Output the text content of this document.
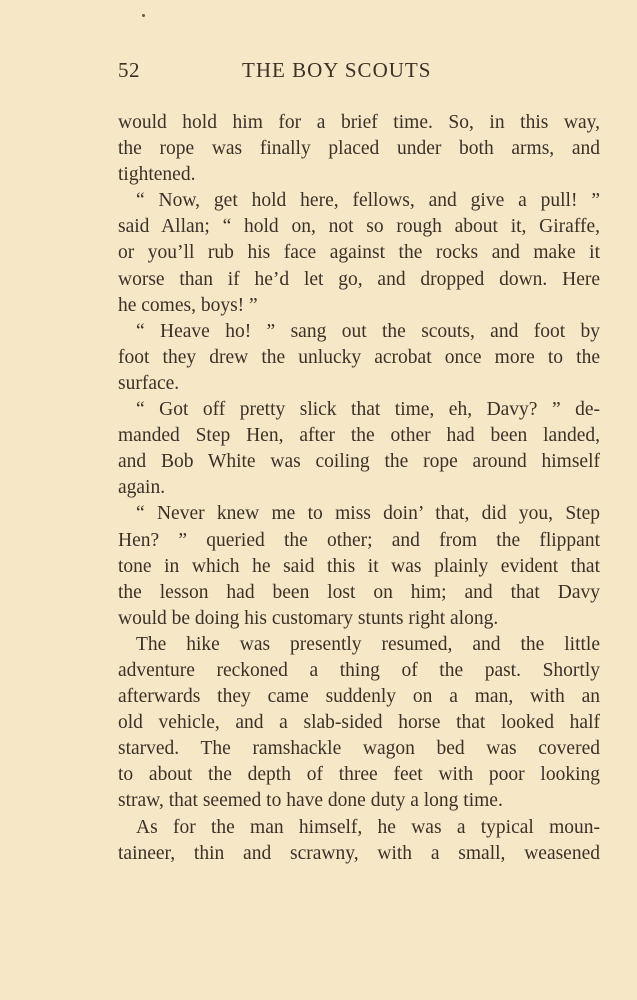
52	THE BOY SCOUTS
would hold him for a brief time. So, in this way,
the rope was finally placed under both arms, and
tightened.
“ Now, get hold here, fellows, and give a pull! ”
said Allan; “ hold on, not so rough about it, Giraffe,
or you’ll rub his face against the rocks and make it
worse than if he’d let go, and dropped down. Here
he comes, boys! ”
“ Heave ho! ” sang out the scouts, and foot by
foot they drew the unlucky acrobat once more to the
surface.
“ Got off pretty slick that time, eh, Davy? ” de-
manded Step Hen, after the other had been landed,
and Bob White was coiling the rope around himself
again.
“ Never knew me to miss doin’ that, did you, Step
Hen? ” queried the other; and from the flippant
tone in which he said this it was plainly evident that
the lesson had been lost on him; and that Davy
would be doing his customary stunts right along.
The hike was presently resumed, and the little
adventure reckoned a thing of the past. Shortly
afterwards they came suddenly on a man, with an
old vehicle, and a slab-sided horse that looked half
starved. The ramshackle wagon bed was covered
to about the depth of three feet with poor looking
straw, that seemed to have done duty a long time.
As for the man himself, he was a typical moun-
taineer, thin and scrawny, with a small, weasened
